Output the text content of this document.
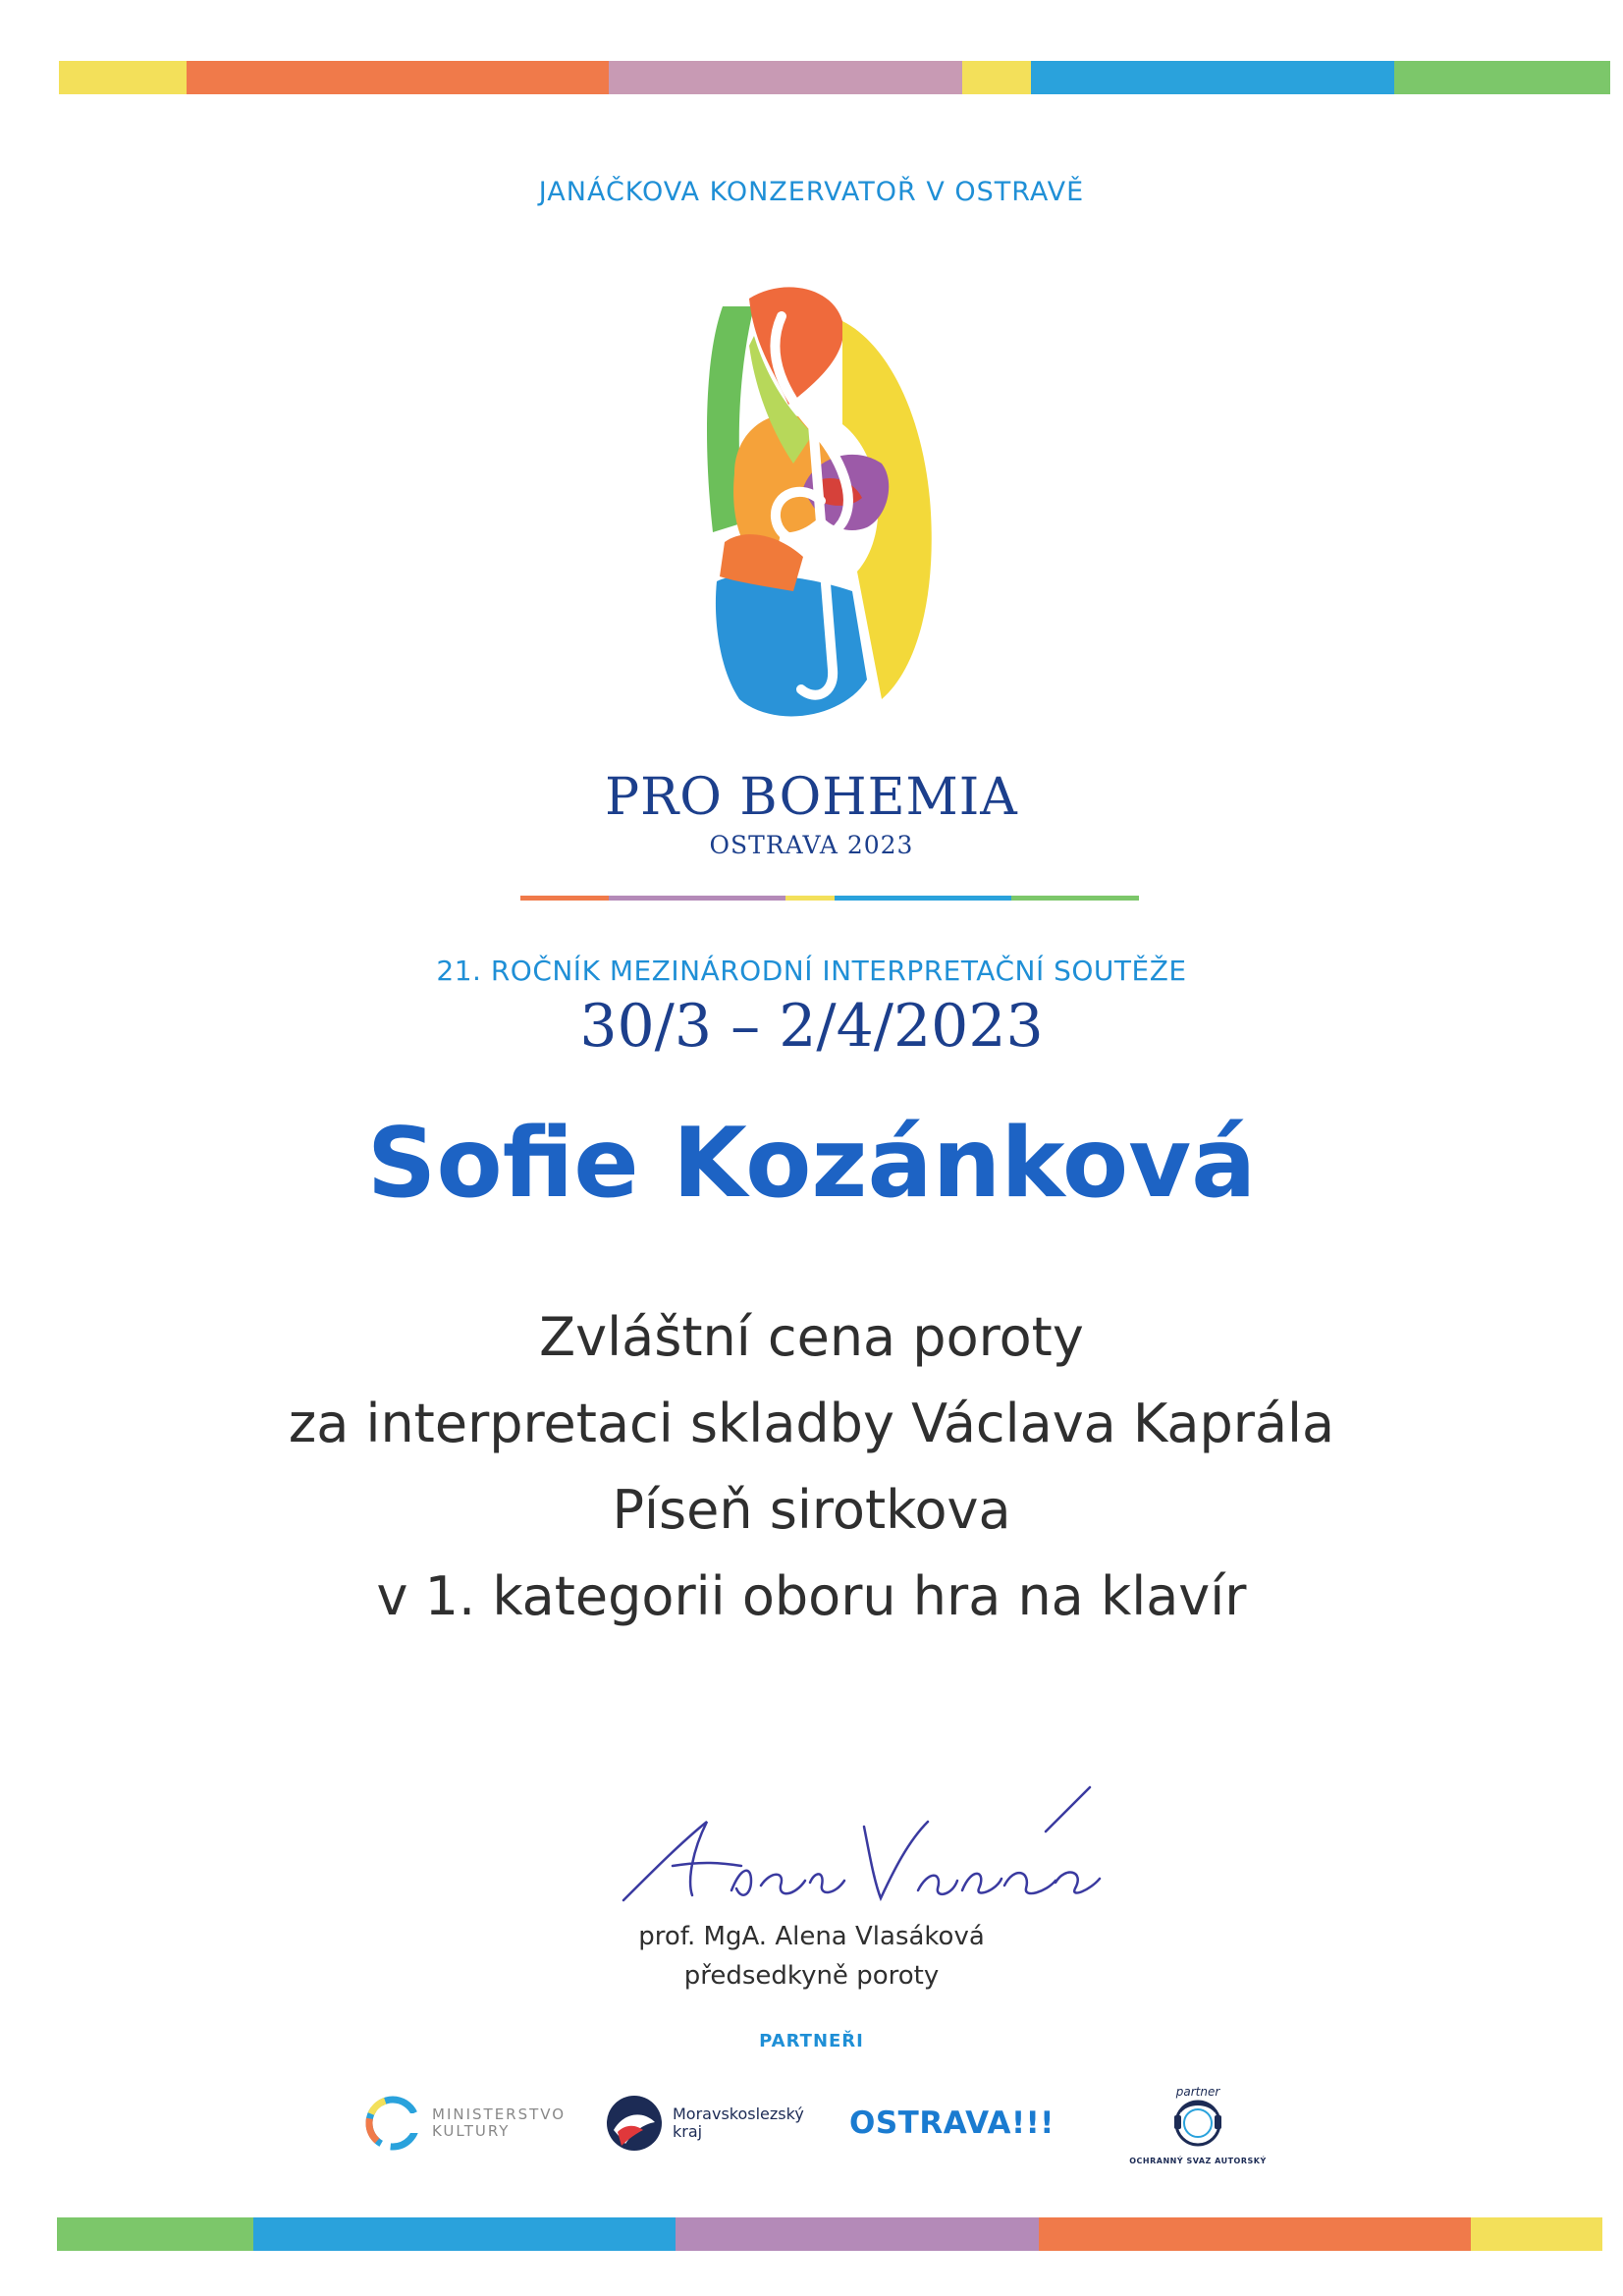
JANÁČKOVA KONZERVATOŘ V OSTRAVĚ
PRO BOHEMIA
OSTRAVA 2023
21. ROČNÍK MEZINÁRODNÍ INTERPRETAČNÍ SOUTĚŽE
30/3 – 2/4/2023
Sofie Kozánková
Zvláštní cena poroty
za interpretaci skladby Václava Kaprála
Píseň sirotkova
v 1. kategorii oboru hra na klavír
prof. MgA. Alena Vlasáková
předsedkyně poroty
PARTNEŘI
MINISTERSTVO
KULTURY
Moravskoslezský
kraj	OSTRAVA!!!
partner
OCHRANNÝ SVAZ AUTORSKÝ
